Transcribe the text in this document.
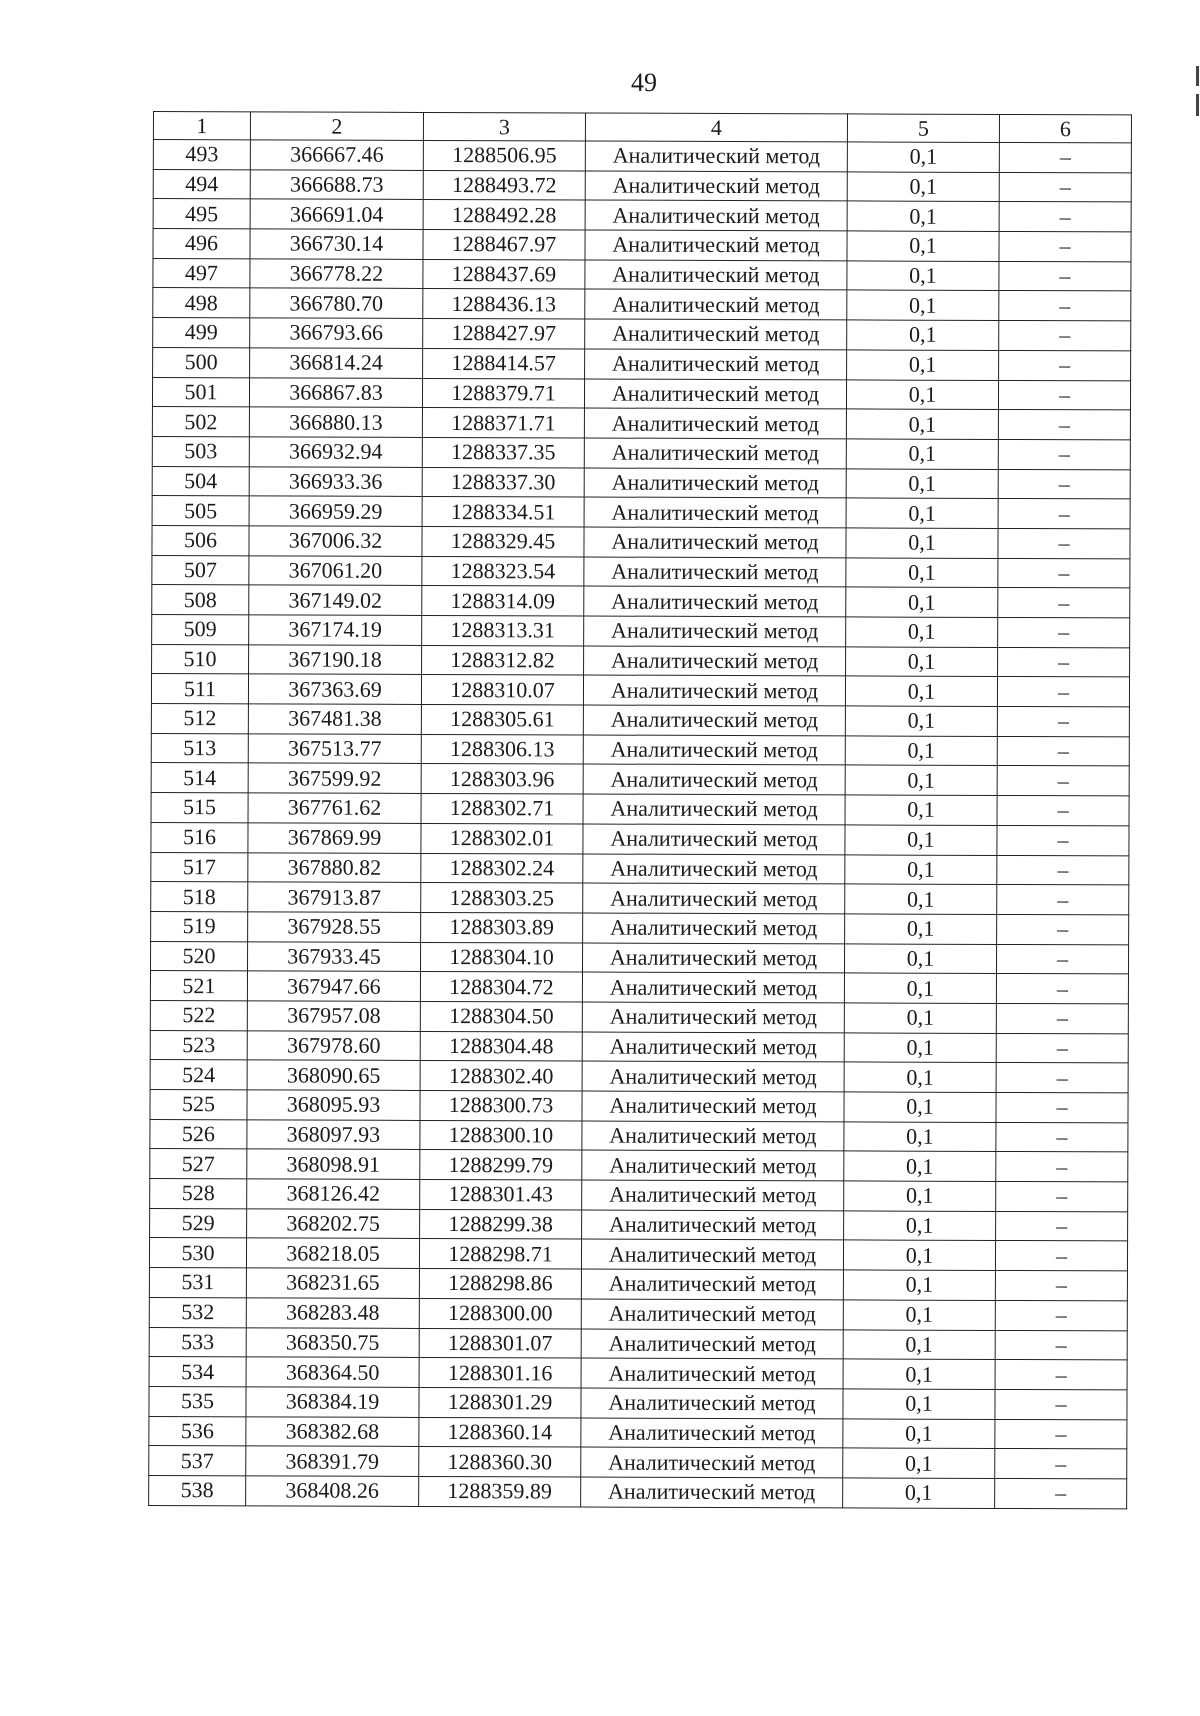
49
1	2	3	4	5	6
493	366667.46	1288506.95	Аналитический метод	0,1	–
494	366688.73	1288493.72	Аналитический метод	0,1	–
495	366691.04	1288492.28	Аналитический метод	0,1	–
496	366730.14	1288467.97	Аналитический метод	0,1	–
497	366778.22	1288437.69	Аналитический метод	0,1	–
498	366780.70	1288436.13	Аналитический метод	0,1	–
499	366793.66	1288427.97	Аналитический метод	0,1	–
500	366814.24	1288414.57	Аналитический метод	0,1	–
501	366867.83	1288379.71	Аналитический метод	0,1	–
502	366880.13	1288371.71	Аналитический метод	0,1	–
503	366932.94	1288337.35	Аналитический метод	0,1	–
504	366933.36	1288337.30	Аналитический метод	0,1	–
505	366959.29	1288334.51	Аналитический метод	0,1	–
506	367006.32	1288329.45	Аналитический метод	0,1	–
507	367061.20	1288323.54	Аналитический метод	0,1	–
508	367149.02	1288314.09	Аналитический метод	0,1	–
509	367174.19	1288313.31	Аналитический метод	0,1	–
510	367190.18	1288312.82	Аналитический метод	0,1	–
511	367363.69	1288310.07	Аналитический метод	0,1	–
512	367481.38	1288305.61	Аналитический метод	0,1	–
513	367513.77	1288306.13	Аналитический метод	0,1	–
514	367599.92	1288303.96	Аналитический метод	0,1	–
515	367761.62	1288302.71	Аналитический метод	0,1	–
516	367869.99	1288302.01	Аналитический метод	0,1	–
517	367880.82	1288302.24	Аналитический метод	0,1	–
518	367913.87	1288303.25	Аналитический метод	0,1	–
519	367928.55	1288303.89	Аналитический метод	0,1	–
520	367933.45	1288304.10	Аналитический метод	0,1	–
521	367947.66	1288304.72	Аналитический метод	0,1	–
522	367957.08	1288304.50	Аналитический метод	0,1	–
523	367978.60	1288304.48	Аналитический метод	0,1	–
524	368090.65	1288302.40	Аналитический метод	0,1	–
525	368095.93	1288300.73	Аналитический метод	0,1	–
526	368097.93	1288300.10	Аналитический метод	0,1	–
527	368098.91	1288299.79	Аналитический метод	0,1	–
528	368126.42	1288301.43	Аналитический метод	0,1	–
529	368202.75	1288299.38	Аналитический метод	0,1	–
530	368218.05	1288298.71	Аналитический метод	0,1	–
531	368231.65	1288298.86	Аналитический метод	0,1	–
532	368283.48	1288300.00	Аналитический метод	0,1	–
533	368350.75	1288301.07	Аналитический метод	0,1	–
534	368364.50	1288301.16	Аналитический метод	0,1	–
535	368384.19	1288301.29	Аналитический метод	0,1	–
536	368382.68	1288360.14	Аналитический метод	0,1	–
537	368391.79	1288360.30	Аналитический метод	0,1	–
538	368408.26	1288359.89	Аналитический метод	0,1	–
